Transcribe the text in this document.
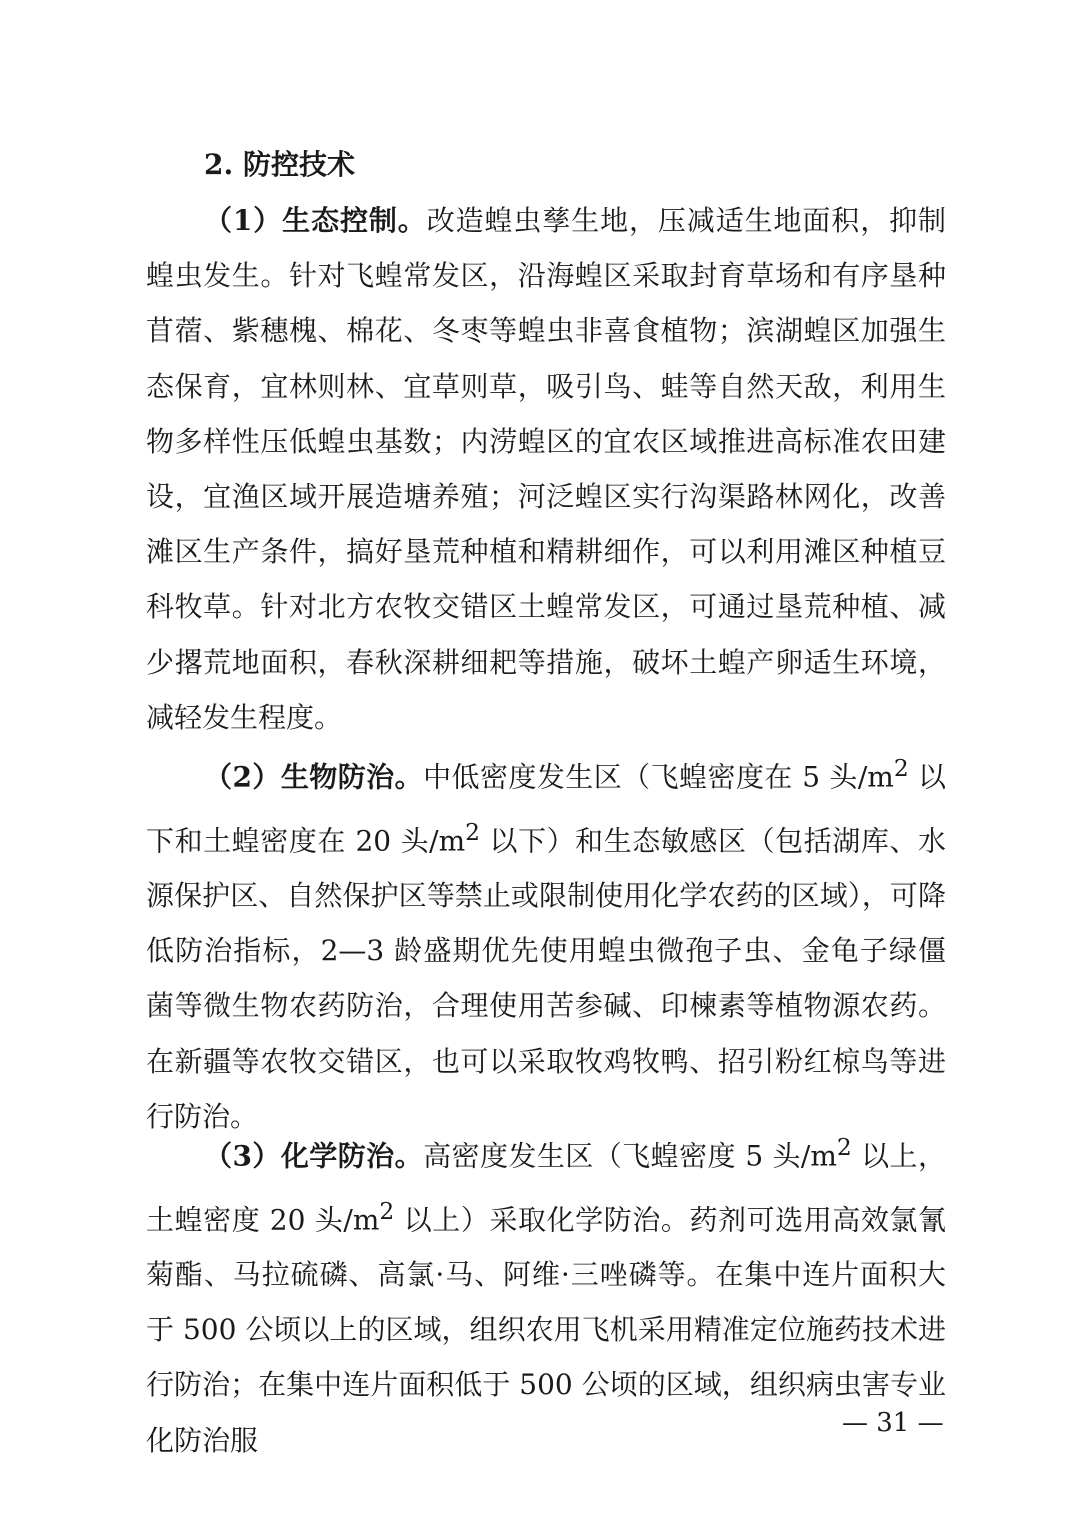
2. 防控技术

（1）生态控制。改造蝗虫孳生地，压减适生地面积，抑制蝗虫发生。针对飞蝗常发区，沿海蝗区采取封育草场和有序垦种苜蓿、紫穗槐、棉花、冬枣等蝗虫非喜食植物；滨湖蝗区加强生态保育，宜林则林、宜草则草，吸引鸟、蛙等自然天敌，利用生物多样性压低蝗虫基数；内涝蝗区的宜农区域推进高标准农田建设，宜渔区域开展造塘养殖；河泛蝗区实行沟渠路林网化，改善滩区生产条件，搞好垦荒种植和精耕细作，可以利用滩区种植豆科牧草。针对北方农牧交错区土蝗常发区，可通过垦荒种植、减少撂荒地面积，春秋深耕细耙等措施，破坏土蝗产卵适生环境，减轻发生程度。

（2）生物防治。中低密度发生区（飞蝗密度在 5 头$/m^2$ 以下和土蝗密度在 20 头$/m^2$ 以下）和生态敏感区（包括湖库、水源保护区、自然保护区等禁止或限制使用化学农药的区域），可降低防治指标，2—3 龄盛期优先使用蝗虫微孢子虫、金龟子绿僵菌等微生物农药防治，合理使用苦参碱、印楝素等植物源农药。在新疆等农牧交错区，也可以采取牧鸡牧鸭、招引粉红椋鸟等进行防治。

（3）化学防治。高密度发生区（飞蝗密度 5 头$/m^2$ 以上，土蝗密度 20 头$/m^2$ 以上）采取化学防治。药剂可选用高效氯氰菊酯、马拉硫磷、高氯·马、阿维·三唑磷等。在集中连片面积大于 500 公顷以上的区域，组织农用飞机采用精准定位施药技术进行防治；在集中连片面积低于 500 公顷的区域，组织病虫害专业化防治服

— 31 —
